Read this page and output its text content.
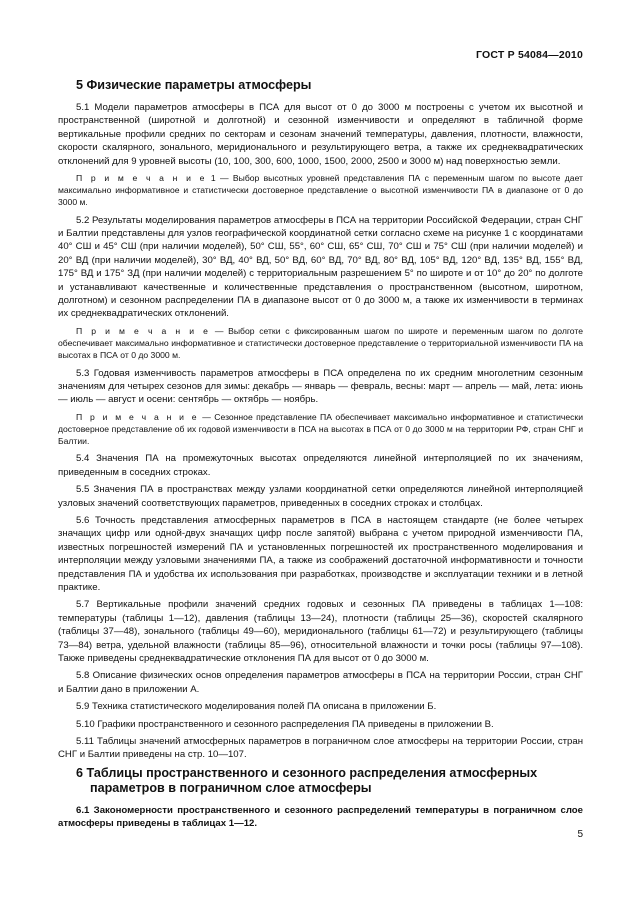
ГОСТ Р 54084—2010
5 Физические параметры атмосферы

5.1 Модели параметров атмосферы в ПСА для высот от 0 до 3000 м построены с учетом их высотной и пространственной (широтной и долготной) и сезонной изменчивости и определяют в табличной форме вертикальные профили средних по секторам и сезонам значений температуры, давления, плотности, влажности, скорости скалярного, зонального, меридионального и результирующего ветра, а также их среднеквадратических отклонений для 9 уровней высоты (10, 100, 300, 600, 1000, 1500, 2000, 2500 и 3000 м) над поверхностью земли.

П р и м е ч а н и е 1 — Выбор высотных уровней представления ПА с переменным шагом по высоте дает максимально информативное и статистически достоверное представление о высотной изменчивости ПА в диапазоне от 0 до 3000 м.

5.2 Результаты моделирования параметров атмосферы в ПСА на территории Российской Федерации, стран СНГ и Балтии представлены для узлов географической координатной сетки согласно схеме на рисунке 1 с координатами 40° СШ и 45° СШ (при наличии моделей), 50° СШ, 55°, 60° СШ, 65° СШ, 70° СШ и 75° СШ (при наличии моделей) и 20° ВД (при наличии моделей), 30° ВД, 40° ВД, 50° ВД, 60° ВД, 70° ВД, 80° ВД, 105° ВД, 120° ВД, 135° ВД, 155° ВД, 175° ВД и 175° ЗД (при наличии моделей) с территориальным разрешением 5° по широте и от 10° до 20° по долготе и устанавливают качественные и количественные представления о пространственном (высотном, широтном, долготном) и сезонном распределении ПА в диапазоне высот от 0 до 3000 м, а также их изменчивости в терминах их среднеквадратических отклонений.

П р и м е ч а н и е — Выбор сетки с фиксированным шагом по широте и переменным шагом по долготе обеспечивает максимально информативное и статистически достоверное представление о территориальной изменчивости ПА на высотах в ПСА от 0 до 3000 м.

5.3 Годовая изменчивость параметров атмосферы в ПСА определена по их средним многолетним сезонным значениям для четырех сезонов для зимы: декабрь — январь — февраль, весны: март — апрель — май, лета: июнь — июль — август и осени: сентябрь — октябрь — ноябрь.

П р и м е ч а н и е — Сезонное представление ПА обеспечивает максимально информативное и статистически достоверное представление об их годовой изменчивости в ПСА на высотах в ПСА от 0 до 3000 м на территории РФ, стран СНГ и Балтии.

5.4 Значения ПА на промежуточных высотах определяются линейной интерполяцией по их значениям, приведенным в соседних строках.

5.5 Значения ПА в пространствах между узлами координатной сетки определяются линейной интерполяцией узловых значений соответствующих параметров, приведенных в соседних строках и столбцах.

5.6 Точность представления атмосферных параметров в ПСА в настоящем стандарте (не более четырех значащих цифр или одной-двух значащих цифр после запятой) выбрана с учетом природной изменчивости ПА, известных погрешностей измерений ПА и установленных погрешностей их пространственного моделирования и интерполяции между узловыми значениями ПА, а также из соображений достаточной информативности и точности представления ПА и удобства их использования при разработках, производстве и эксплуатации техники и в летной практике.

5.7 Вертикальные профили значений средних годовых и сезонных ПА приведены в таблицах 1—108: температуры (таблицы 1—12), давления (таблицы 13—24), плотности (таблицы 25—36), скоростей скалярного (таблицы 37—48), зонального (таблицы 49—60), меридионального (таблицы 61—72) и результирующего (таблицы 73—84) ветра, удельной влажности (таблицы 85—96), относительной влажности и точки росы (таблицы 97—108). Также приведены среднеквадратические отклонения ПА для высот от 0 до 3000 м.

5.8 Описание физических основ определения параметров атмосферы в ПСА на территории России, стран СНГ и Балтии дано в приложении А.

5.9 Техника статистического моделирования полей ПА описана в приложении Б.

5.10 Графики пространственного и сезонного распределения ПА приведены в приложении В.

5.11 Таблицы значений атмосферных параметров в пограничном слое атмосферы на территории России, стран СНГ и Балтии приведены на стр. 10—107.

6 Таблицы пространственного и сезонного распределения атмосферных
параметров в пограничном слое атмосферы

6.1 Закономерности пространственного и сезонного распределений температуры в пограничном слое атмосферы приведены в таблицах 1—12.

5
